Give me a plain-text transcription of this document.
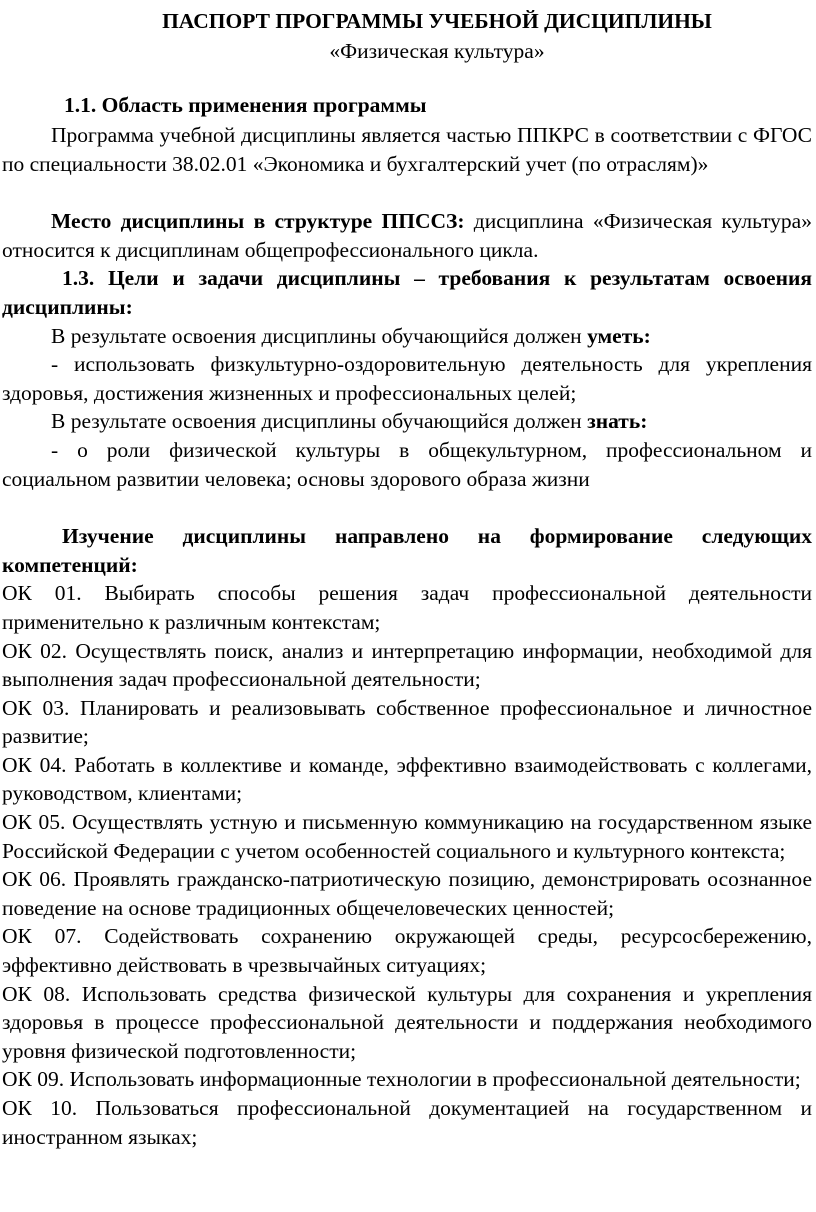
ПАСПОРТ ПРОГРАММЫ УЧЕБНОЙ ДИСЦИПЛИНЫ
«Физическая культура»
1.1. Область применения программы

Программа учебной дисциплины является частью ППКРС в соответствии с ФГОС по специальности 38.02.01 «Экономика и бухгалтерский учет (по отраслям)»

Место дисциплины в структуре ППССЗ: дисциплина «Физическая культура» относится к дисциплинам общепрофессионального цикла.

1.3. Цели и задачи дисциплины – требования к результатам освоения дисциплины:

В результате освоения дисциплины обучающийся должен уметь:

- использовать физкультурно-оздоровительную деятельность для укрепления здоровья, достижения жизненных и профессиональных целей;

В результате освоения дисциплины обучающийся должен знать:

- о роли физической культуры в общекультурном, профессиональном и социальном развитии человека; основы здорового образа жизни

Изучение дисциплины направлено на формирование следующих компетенций:

ОК 01. Выбирать способы решения задач профессиональной деятельности применительно к различным контекстам;

ОК 02. Осуществлять поиск, анализ и интерпретацию информации, необходимой для выполнения задач профессиональной деятельности;

ОК 03. Планировать и реализовывать собственное профессиональное и личностное развитие;

ОК 04. Работать в коллективе и команде, эффективно взаимодействовать с коллегами, руководством, клиентами;

ОК 05. Осуществлять устную и письменную коммуникацию на государственном языке Российской Федерации с учетом особенностей социального и культурного контекста;

ОК 06. Проявлять гражданско-патриотическую позицию, демонстрировать осознанное поведение на основе традиционных общечеловеческих ценностей;

ОК 07. Содействовать сохранению окружающей среды, ресурсосбережению, эффективно действовать в чрезвычайных ситуациях;

ОК 08. Использовать средства физической культуры для сохранения и укрепления здоровья в процессе профессиональной деятельности и поддержания необходимого уровня физической подготовленности;

ОК 09. Использовать информационные технологии в профессиональной деятельности;

ОК 10. Пользоваться профессиональной документацией на государственном и иностранном языках;
